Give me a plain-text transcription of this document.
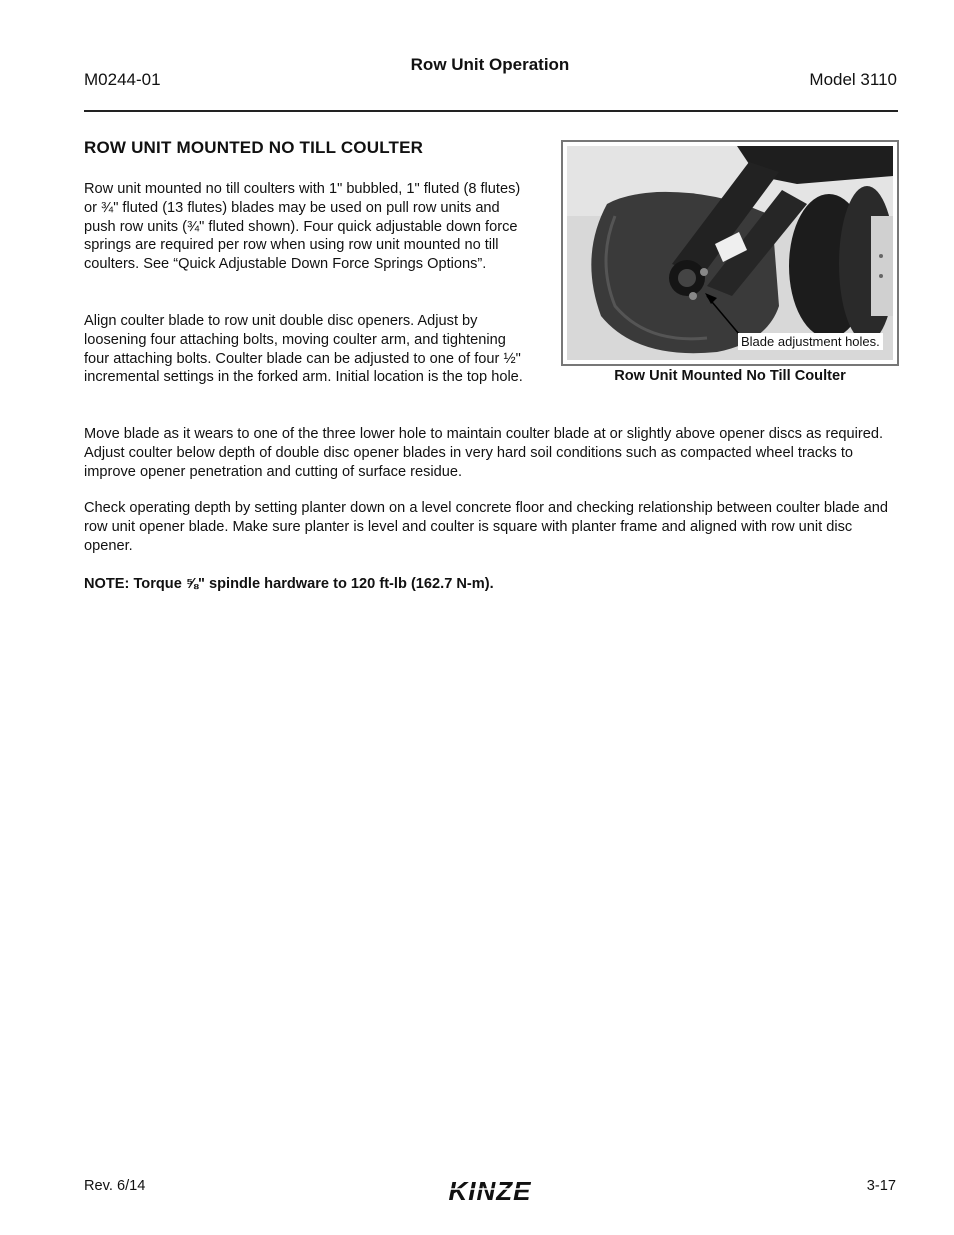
M0244-01
Row Unit Operation
Model 3110
ROW UNIT MOUNTED NO TILL COULTER
Row unit mounted no till coulters with 1" bubbled, 1" fluted (8 flutes) or ¾" fluted (13 flutes) blades may be used on pull row units and push row units (¾" fluted shown). Four quick adjustable down force springs are required per row when using row unit mounted no till coulters. See “Quick Adjustable Down Force Springs Options”.
Align coulter blade to row unit double disc openers. Adjust by loosening four attaching bolts, moving coulter arm, and tightening four attaching bolts. Coulter blade can be adjusted to one of four ½" incremental settings in the forked arm. Initial location is the top hole.
Move blade as it wears to one of the three lower hole to maintain coulter blade at or slightly above opener discs as required. Adjust coulter below depth of double disc opener blades in very hard soil conditions such as compacted wheel tracks to improve opener penetration and cutting of surface residue.
Check operating depth by setting planter down on a level concrete floor and checking relationship between coulter blade and row unit opener blade. Make sure planter is level and coulter is square with planter frame and aligned with row unit disc opener.
NOTE: Torque ⅝" spindle hardware to 120 ft-lb (162.7 N-m).
Blade adjustment holes.
Row Unit Mounted No Till Coulter
Rev. 6/14	KINZE	3-17
